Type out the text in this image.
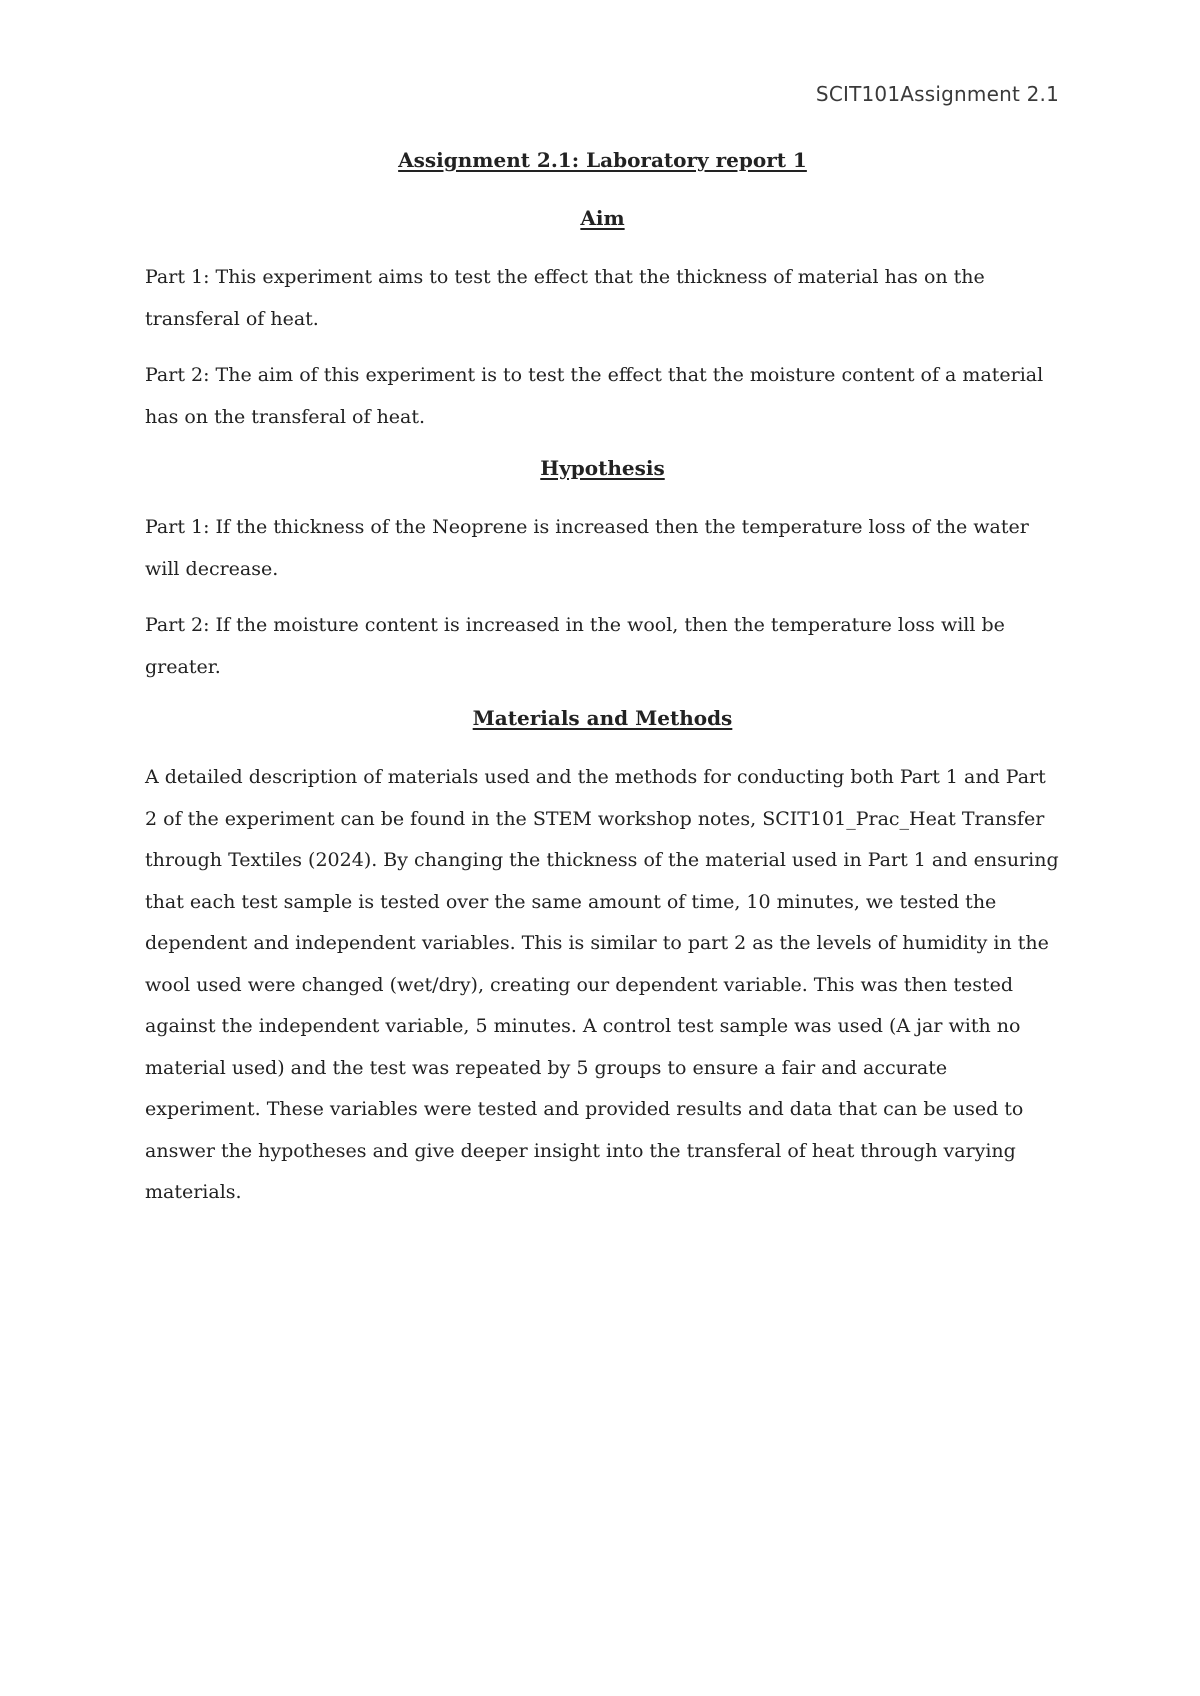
SCIT101Assignment 2.1
Assignment 2.1: Laboratory report 1
Aim

Part 1: This experiment aims to test the effect that the thickness of material has on the transferal of heat.

Part 2: The aim of this experiment is to test the effect that the moisture content of a material has on the transferal of heat.

Hypothesis

Part 1: If the thickness of the Neoprene is increased then the temperature loss of the water will decrease.

Part 2: If the moisture content is increased in the wool, then the temperature loss will be greater.

Materials and Methods

A detailed description of materials used and the methods for conducting both Part 1 and Part 2 of the experiment can be found in the STEM workshop notes, SCIT101_Prac_Heat Transfer through Textiles (2024). By changing the thickness of the material used in Part 1 and ensuring that each test sample is tested over the same amount of time, 10 minutes, we tested the dependent and independent variables. This is similar to part 2 as the levels of humidity in the wool used were changed (wet/dry), creating our dependent variable. This was then tested against the independent variable, 5 minutes. A control test sample was used (A jar with no material used) and the test was repeated by 5 groups to ensure a fair and accurate experiment. These variables were tested and provided results and data that can be used to answer the hypotheses and give deeper insight into the transferal of heat through varying materials.
